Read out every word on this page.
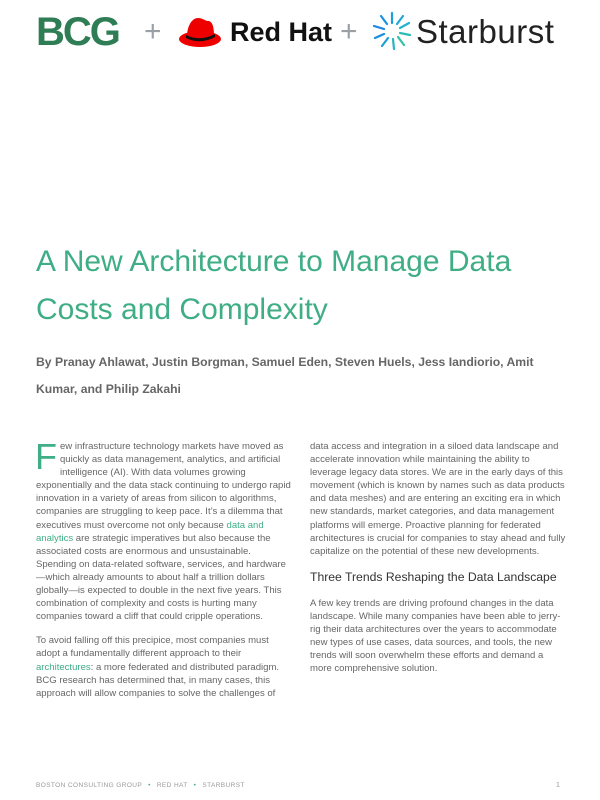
BCG +	Red Hat + Starburst
A New Architecture to Manage Data Costs and Complexity
By Pranay Ahlawat, Justin Borgman, Samuel Eden, Steven Huels, Jess Iandiorio, Amit Kumar, and Philip Zakahi

Few infrastructure technology markets have moved as quickly as data management, analytics, and artificial intelligence (AI). With data volumes growing exponentially and the data stack continuing to undergo rapid innovation in a variety of areas from silicon to algorithms, companies are struggling to keep pace. It’s a dilemma that executives must overcome not only because data and analytics are strategic imperatives but also because the associated costs are enormous and unsustainable. Spending on data-related software, services, and hardware—which already amounts to about half a trillion dollars globally—is expected to double in the next five years. This combination of complexity and costs is hurting many companies toward a cliff that could cripple operations.

To avoid falling off this precipice, most companies must adopt a fundamentally different approach to their architectures: a more federated and distributed paradigm. BCG research has determined that, in many cases, this approach will allow companies to solve the challenges of

data access and integration in a siloed data landscape and accelerate innovation while maintaining the ability to leverage legacy data stores. We are in the early days of this movement (which is known by names such as data products and data meshes) and are entering an exciting era in which new standards, market categories, and data management platforms will emerge. Proactive planning for federated architectures is crucial for companies to stay ahead and fully capitalize on the potential of these new developments.

Three Trends Reshaping the Data Landscape

A few key trends are driving profound changes in the data landscape. While many companies have been able to jerry-rig their data architectures over the years to accommodate new types of use cases, data sources, and tools, the new trends will soon overwhelm these efforts and demand a more comprehensive solution.

BOSTON CONSULTING GROUP • RED HAT • STARBURST	1
